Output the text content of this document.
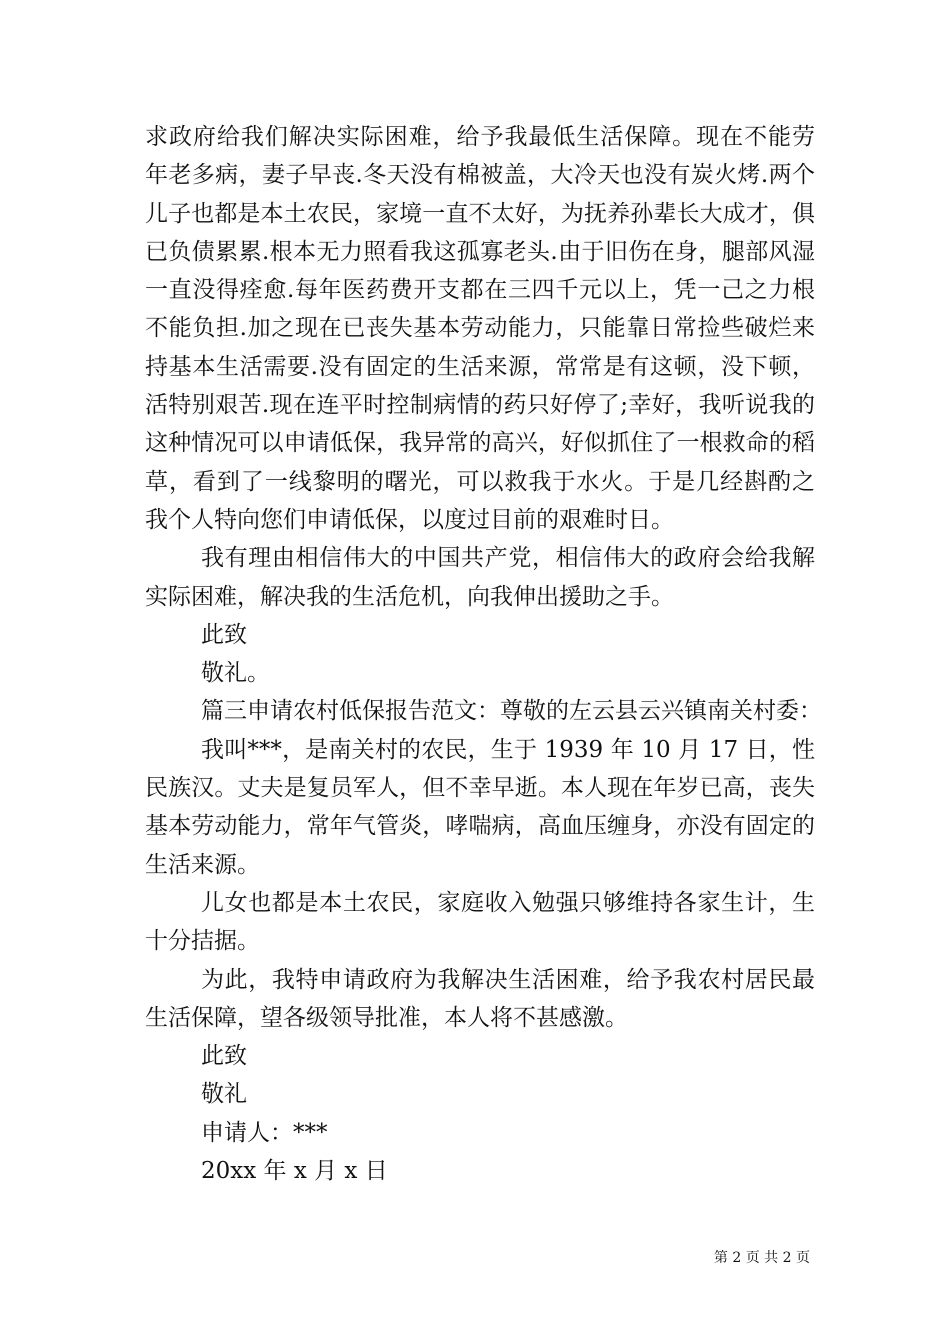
求政府给我们解决实际困难，给予我最低生活保障。现在不能劳
年老多病，妻子早丧.冬天没有棉被盖，大冷天也没有炭火烤.两个
儿子也都是本土农民，家境一直不太好，为抚养孙辈长大成才，俱
已负债累累.根本无力照看我这孤寡老头.由于旧伤在身，腿部风湿
一直没得痊愈.每年医药费开支都在三四千元以上，凭一己之力根
不能负担.加之现在已丧失基本劳动能力，只能靠日常捡些破烂来
持基本生活需要.没有固定的生活来源，常常是有这顿，没下顿，
活特别艰苦.现在连平时控制病情的药只好停了;幸好，我听说我的
这种情况可以申请低保，我异常的高兴，好似抓住了一根救命的稻
草，看到了一线黎明的曙光，可以救我于水火。于是几经斟酌之
我个人特向您们申请低保，以度过目前的艰难时日。
我有理由相信伟大的中国共产党，相信伟大的政府会给我解
实际困难，解决我的生活危机，向我伸出援助之手。
此致
敬礼。
篇三申请农村低保报告范文：尊敬的左云县云兴镇南关村委：
我叫***，是南关村的农民，生于 1939 年 10 月 17 日，性
民族汉。丈夫是复员军人，但不幸早逝。本人现在年岁已高，丧失
基本劳动能力，常年气管炎，哮喘病，高血压缠身，亦没有固定的
生活来源。
儿女也都是本土农民，家庭收入勉强只够维持各家生计，生
十分拮据。
为此，我特申请政府为我解决生活困难，给予我农村居民最
生活保障，望各级领导批准，本人将不甚感激。
此致
敬礼
申请人：***
20xx 年 x 月 x 日
第 2 页 共 2 页
